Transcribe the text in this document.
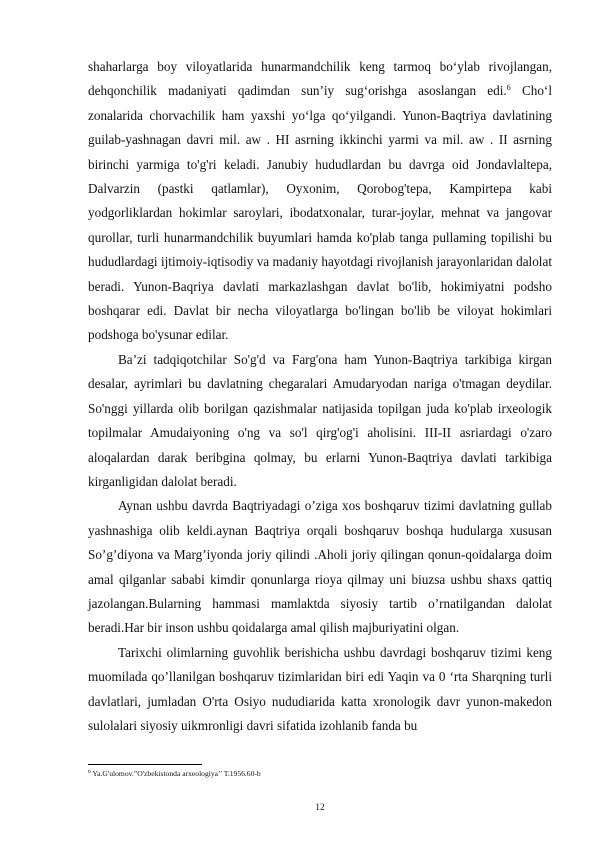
shaharlarga boy viloyatlarida hunarmandchilik keng tarmoq bo‘ylab rivojlangan, dehqonchilik madaniyati qadimdan sun’iy sug‘orishga asoslangan edi.$^6$ Cho‘l zonalarida chorvachilik ham yaxshi yo‘lga qo‘yilgandi. Yunon-Baqtriya davlatining guilab-yashnagan davri mil. aw . HI asrning ikkinchi yarmi va mil. aw . II asrning birinchi yarmiga to'g'ri keladi. Janubiy hududlardan bu davrga oid Jondavlaltepa, Dalvarzin (pastki qatlamlar), Oyxonim, Qorobog'tepa, Kampirtepa kabi yodgorliklardan hokimlar saroylari, ibodatxonalar, turar-joylar, mehnat va jangovar qurollar, turli hunarmandchilik buyumlari hamda ko'plab tanga pullaming topilishi bu hududlardagi ijtimoiy-iqtisodiy va madaniy hayotdagi rivojlanish jarayonlaridan dalolat beradi. Yunon-Baqriya davlati markazlashgan davlat bo'lib, hokimiyatni podsho boshqarar edi. Davlat bir necha viloyatlarga bo'lingan bo'lib be viloyat hokimlari podshoga bo'ysunar edilar.

Ba’zi tadqiqotchilar So'g'd va Farg'ona ham Yunon-Baqtriya tarkibiga kirgan desalar, ayrimlari bu davlatning chegaralari Amudaryodan nariga o'tmagan deydilar. So'nggi yillarda olib borilgan qazishmalar natijasida topilgan juda ko'plab irxeologik topilmalar Amudaiyoning o'ng va so'l qirg'og'i aholisini. III-II asriardagi o'zaro aloqalardan darak beribgina qolmay, bu erlarni Yunon-Baqtriya davlati tarkibiga kirganligidan dalolat beradi.

Aynan ushbu davrda Baqtriyadagi o’ziga xos boshqaruv tizimi davlatning gullab yashnashiga olib keldi.aynan Baqtriya orqali boshqaruv boshqa hudularga xususan So’g’diyona va Marg’iyonda joriy qilindi .Aholi joriy qilingan qonun-qoidalarga doim amal qilganlar sababi kimdir qonunlarga rioya qilmay uni biuzsa ushbu shaxs qattiq jazolangan.Bularning hammasi mamlaktda siyosiy tartib o’rnatilgandan dalolat beradi.Har bir inson ushbu qoidalarga amal qilish majburiyatini olgan.

Tarixchi olimlarning guvohlik berishicha ushbu davrdagi boshqaruv tizimi keng muomilada qo’llanilgan boshqaruv tizimlaridan biri edi Yaqin va 0 ‘rta Sharqning turli davlatlari, jumladan O'rta Osiyo nududiarida katta xronologik davr yunon-makedon sulolalari siyosiy uikmronligi davri sifatida izohlanib fanda bu

$^6$ Ya.G'ulomov.”O'zbekistonda arxeologiya’’ T.1956.60-b
12
